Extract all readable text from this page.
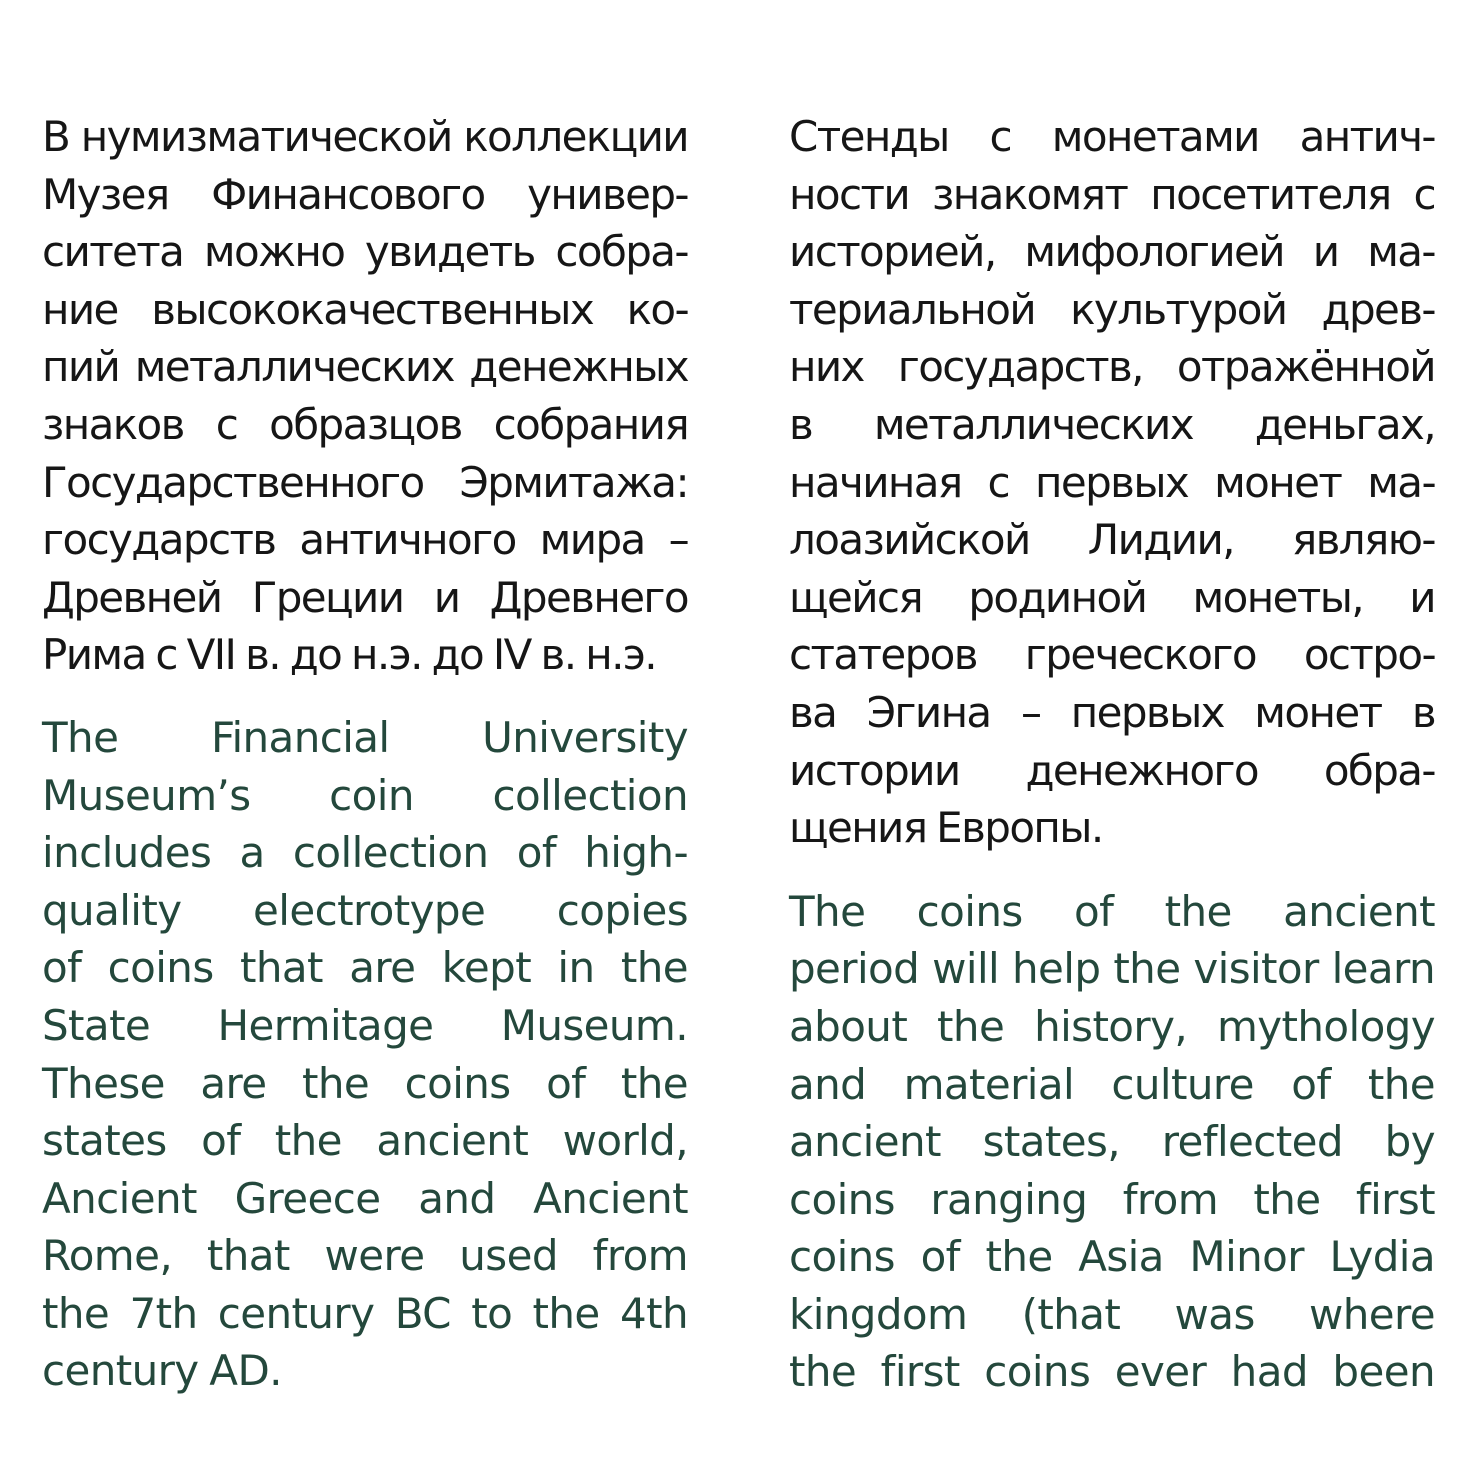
В нумизматической коллекции
Музея Финансового универ-
ситета можно увидеть собра-
ние высококачественных ко-
пий металлических денежных
знаков с образцов собрания
Государственного Эрмитажа:
государств античного мира –
Древней Греции и Древнего
Рима с VII в. до н.э. до IV в. н.э.
The Financial University
Museum’s coin collection
includes a collection of high-
quality electrotype copies
of coins that are kept in the
State Hermitage Museum.
These are the coins of the
states of the ancient world,
Ancient Greece and Ancient
Rome, that were used from
the 7th century BC to the 4th
century AD.
Стенды с монетами антич-
ности знакомят посетителя с
историей, мифологией и ма-
териальной культурой древ-
них государств, отражённой
в металлических деньгах,
начиная с первых монет ма-
лоазийской Лидии, являю-
щейся родиной монеты, и
статеров греческого остро-
ва Эгина – первых монет в
истории денежного обра-
щения Европы.
The coins of the ancient
period will help the visitor learn
about the history, mythology
and material culture of the
ancient states, reflected by
coins ranging from the first
coins of the Asia Minor Lydia
kingdom (that was where
the first coins ever had been
